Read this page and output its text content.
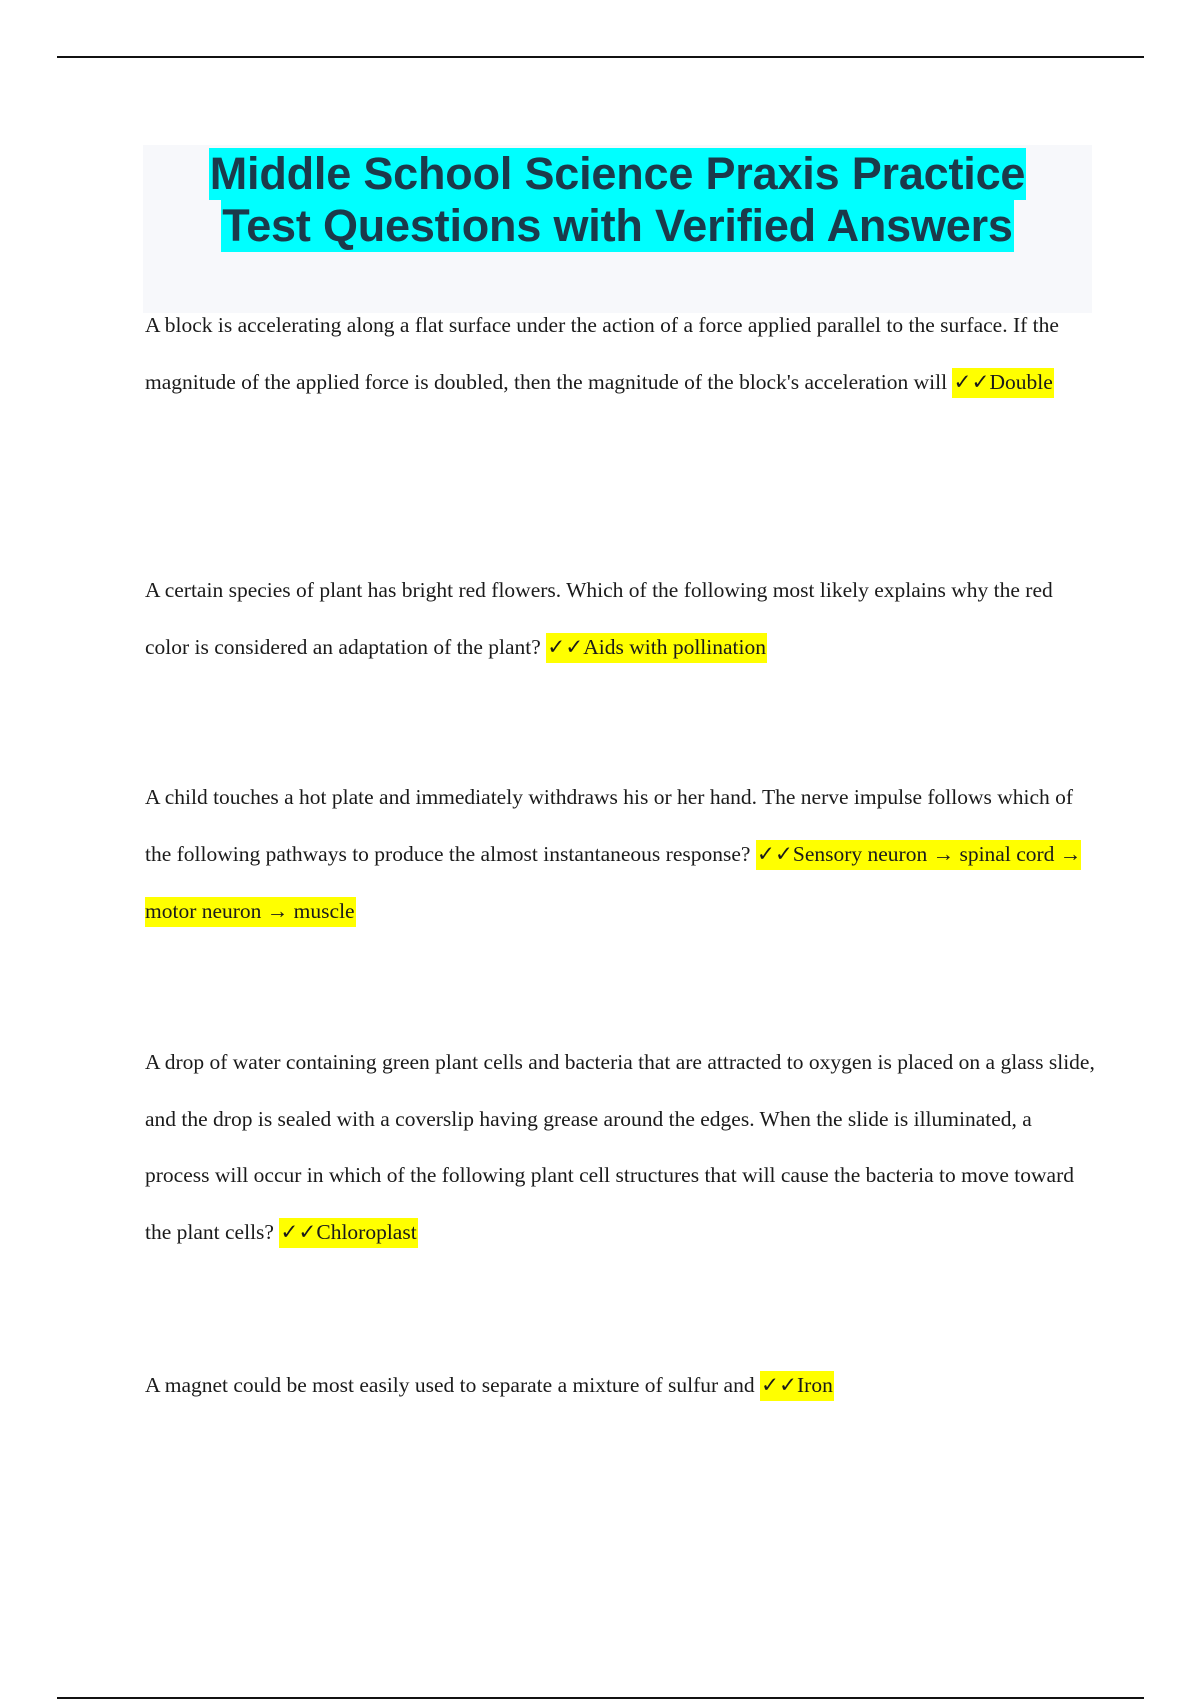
Middle School Science Praxis Practice
Test Questions with Verified Answers

A block is accelerating along a flat surface under the action of a force applied parallel to the surface. If the magnitude of the applied force is doubled, then the magnitude of the block's acceleration will ✓✓Double

A certain species of plant has bright red flowers. Which of the following most likely explains why the red color is considered an adaptation of the plant? ✓✓Aids with pollination

A child touches a hot plate and immediately withdraws his or her hand. The nerve impulse follows which of the following pathways to produce the almost instantaneous response? ✓✓Sensory neuron → spinal cord → motor neuron → muscle

A drop of water containing green plant cells and bacteria that are attracted to oxygen is placed on a glass slide, and the drop is sealed with a coverslip having grease around the edges. When the slide is illuminated, a process will occur in which of the following plant cell structures that will cause the bacteria to move toward the plant cells? ✓✓Chloroplast

A magnet could be most easily used to separate a mixture of sulfur and ✓✓Iron
